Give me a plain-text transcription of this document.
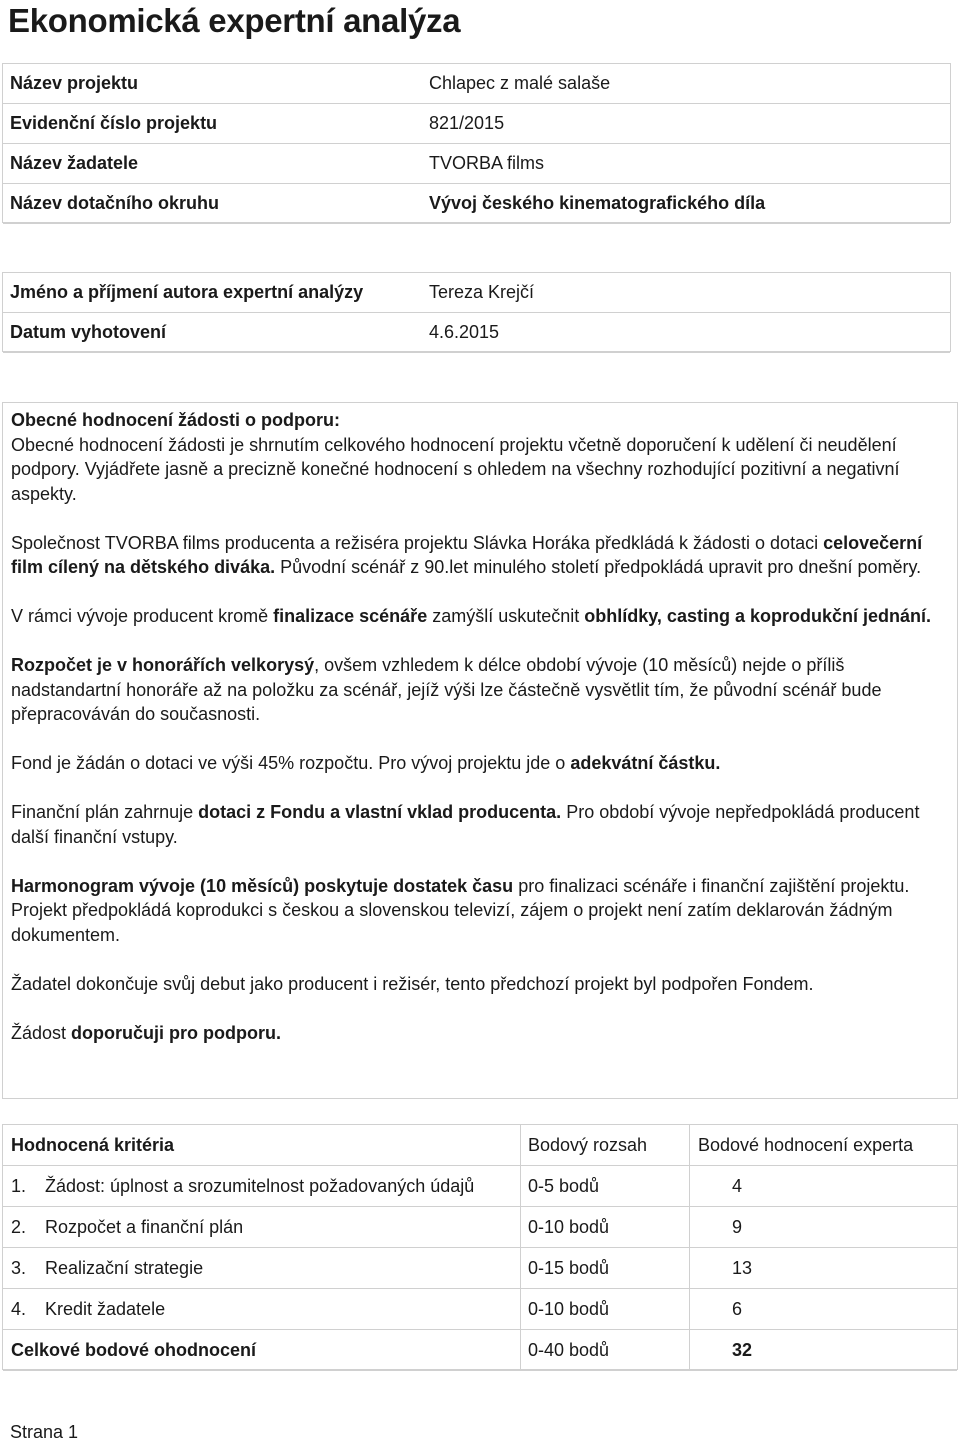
Ekonomická expertní analýza
Název projektu	Chlapec z malé salaše
Evidenční číslo projektu	821/2015
Název žadatele	TVORBA films
Název dotačního okruhu	Vývoj českého kinematografického díla
Jméno a příjmení autora expertní analýzy	Tereza Krejčí
Datum vyhotovení	4.6.2015

Obecné hodnocení žádosti o podporu:

Obecné hodnocení žádosti je shrnutím celkového hodnocení projektu včetně doporučení k udělení či neudělení podpory. Vyjádřete jasně a precizně konečné hodnocení s ohledem na všechny rozhodující pozitivní a negativní aspekty.

Společnost TVORBA films producenta a režiséra projektu Slávka Horáka předkládá k žádosti o dotaci celovečerní film cílený na dětského diváka. Původní scénář z 90.let minulého století předpokládá upravit pro dnešní poměry.

V rámci vývoje producent kromě finalizace scénáře zamýšlí uskutečnit obhlídky, casting a koprodukční jednání.

Rozpočet je v honorářích velkorysý, ovšem vzhledem k délce období vývoje (10 měsíců) nejde o příliš nadstandartní honoráře až na položku za scénář, jejíž výši lze částečně vysvětlit tím, že původní scénář bude přepracováván do současnosti.

Fond je žádán o dotaci ve výši 45% rozpočtu. Pro vývoj projektu jde o adekvátní částku.

Finanční plán zahrnuje dotaci z Fondu a vlastní vklad producenta. Pro období vývoje nepředpokládá producent další finanční vstupy.

Harmonogram vývoje (10 měsíců) poskytuje dostatek času pro finalizaci scénáře i finanční zajištění projektu. Projekt předpokládá koprodukci s českou a slovenskou televizí, zájem o projekt není zatím deklarován žádným dokumentem.

Žadatel dokončuje svůj debut jako producent i režisér, tento předchozí projekt byl podpořen Fondem.

Žádost doporučuji pro podporu.

Hodnocená kritéria	Bodový rozsah	Bodové hodnocení experta
1. Žádost: úplnost a srozumitelnost požadovaných údajů	0-5 bodů	4
2. Rozpočet a finanční plán	0-10 bodů	9
3. Realizační strategie	0-15 bodů	13
4. Kredit žadatele	0-10 bodů	6
Celkové bodové ohodnocení	0-40 bodů	32
Strana 1
